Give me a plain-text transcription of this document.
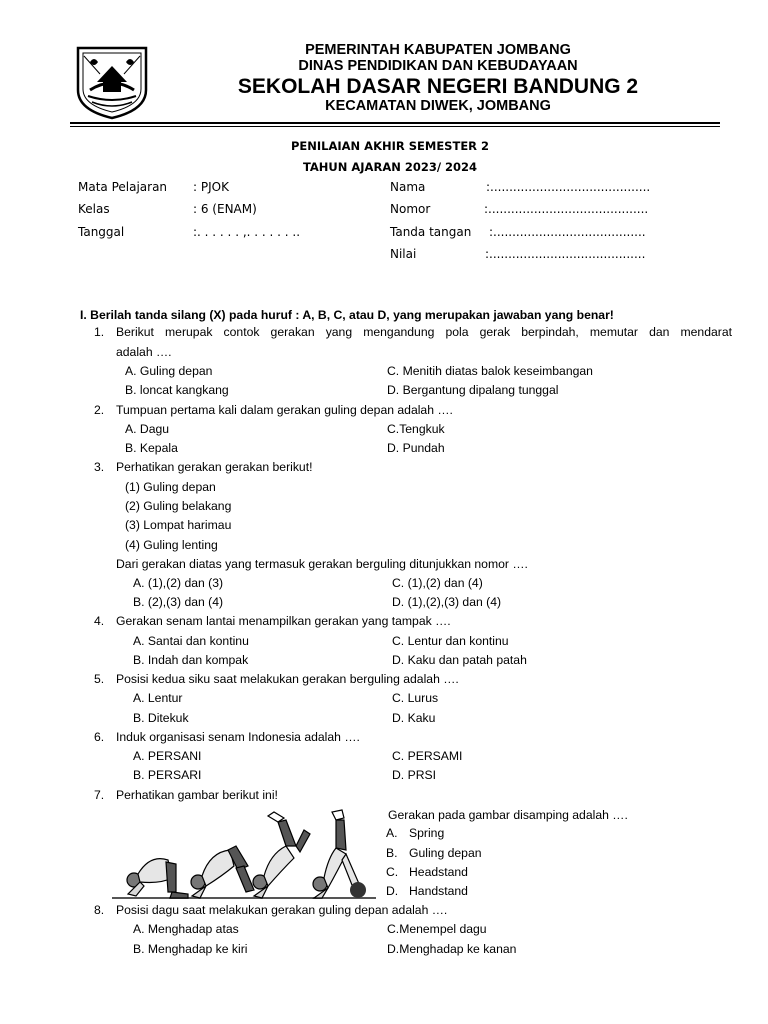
PEMERINTAH KABUPATEN JOMBANG
DINAS PENDIDIKAN DAN KEBUDAYAAN
SEKOLAH DASAR NEGERI BANDUNG 2
KECAMATAN DIWEK, JOMBANG
PENILAIAN AKHIR SEMESTER 2
TAHUN AJARAN 2023/ 2024
Mata Pelajaran : PJOK
Kelas	: 6 (ENAM)
Tanggal	:. . . . . . ,. . . . . . ..
Nama	:..........................................
Nomor	:..........................................
Tanda tangan :........................................
Nilai	:.........................................
I. Berilah tanda silang (X) pada huruf : A, B, C, atau D, yang merupakan jawaban yang benar!
1. Berikut merupak contok gerakan yang mengandung pola gerak berpindah, memutar dan mendarat
adalah ….
A. Guling depan	C. Menitih diatas balok keseimbangan
B. loncat kangkang	D. Bergantung dipalang tunggal
2. Tumpuan pertama kali dalam gerakan guling depan adalah ….
A. Dagu	C.Tengkuk
B. Kepala	D. Pundah
3. Perhatikan gerakan gerakan berikut!
(1) Guling depan
(2) Guling belakang
(3) Lompat harimau
(4) Guling lenting
Dari gerakan diatas yang termasuk gerakan berguling ditunjukkan nomor ….
A. (1),(2) dan (3)	C. (1),(2) dan (4)
B. (2),(3) dan (4)	D. (1),(2),(3) dan (4)
4. Gerakan senam lantai menampilkan gerakan yang tampak ….
A. Santai dan kontinu	C. Lentur dan kontinu
B. Indah dan kompak	D. Kaku dan patah patah
5. Posisi kedua siku saat melakukan gerakan berguling adalah ….
A. Lentur	C. Lurus
B. Ditekuk	D. Kaku
6. Induk organisasi senam Indonesia adalah ….
A. PERSANI	C. PERSAMI
B. PERSARI	D. PRSI
7. Perhatikan gambar berikut ini!
Gerakan pada gambar disamping adalah ….
A. Spring
B. Guling depan
C. Headstand
D. Handstand
8. Posisi dagu saat melakukan gerakan guling depan adalah ….
A. Menghadap atas	C.Menempel dagu
B. Menghadap ke kiri	D.Menghadap ke kanan
